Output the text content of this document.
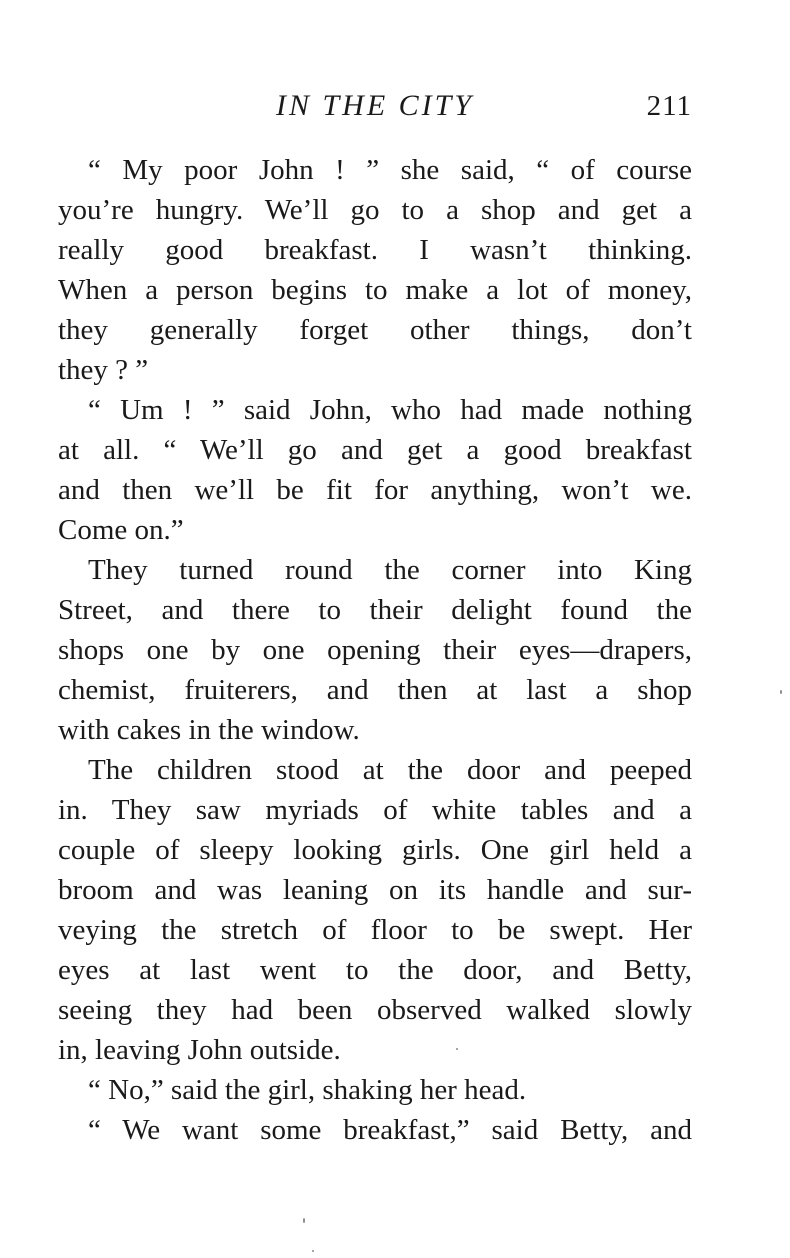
IN THE CITY	211
“ My poor John ! ” she said, “ of course
you’re hungry. We’ll go to a shop and get a
really good breakfast. I wasn’t thinking.
When a person begins to make a lot of money,
they generally forget other things, don’t
they ? ”
“ Um ! ” said John, who had made nothing
at all. “ We’ll go and get a good breakfast
and then we’ll be fit for anything, won’t we.
Come on.”
They turned round the corner into King
Street, and there to their delight found the
shops one by one opening their eyes—drapers,
chemist, fruiterers, and then at last a shop
with cakes in the window.
The children stood at the door and peeped
in. They saw myriads of white tables and a
couple of sleepy looking girls. One girl held a
broom and was leaning on its handle and sur-
veying the stretch of floor to be swept. Her
eyes at last went to the door, and Betty,
seeing they had been observed walked slowly
in, leaving John outside.
“ No,” said the girl, shaking her head.
“ We want some breakfast,” said Betty, and
